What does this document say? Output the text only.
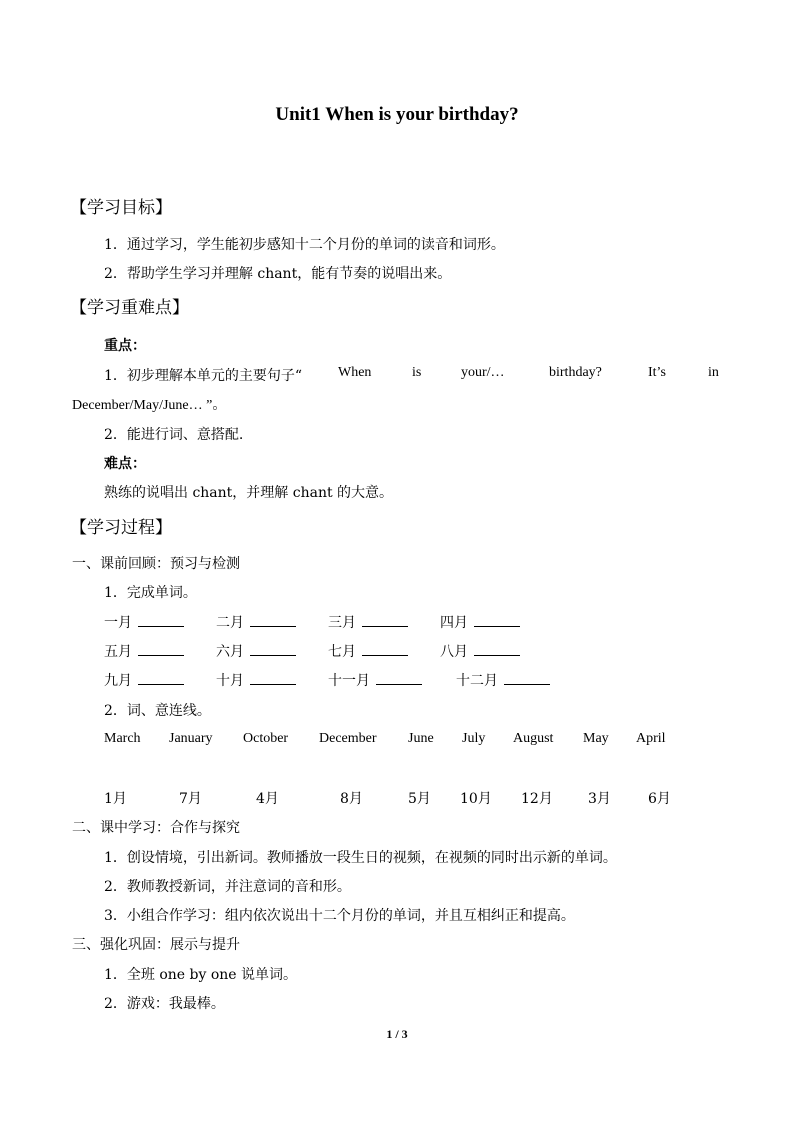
Unit1 When is your birthday?
【学习目标】
1．通过学习，学生能初步感知十二个月份的单词的读音和词形。
2．帮助学生学习并理解 chant，能有节奏的说唱出来。
【学习重难点】
重点：
1．初步理解本单元的主要句子“	When	is	your/…	birthday?	It’s	in
December/May/June… ”。
2．能进行词、意搭配.
难点：
熟练的说唱出 chant，并理解 chant 的大意。
【学习过程】
一、课前回顾：预习与检测
1．完成单词。
一月	二月	三月	四月
五月	六月	七月	八月
九月	十月	十一月	十二月
2．词、意连线。
March January October December June July August May April
1月	7月	4月	8月	5月 10月 12月	3月	6月
二、课中学习：合作与探究
1．创设情境，引出新词。教师播放一段生日的视频，在视频的同时出示新的单词。
2．教师教授新词，并注意词的音和形。
3．小组合作学习：组内依次说出十二个月份的单词，并且互相纠正和提高。
三、强化巩固：展示与提升
1．全班 one by one 说单词。
2．游戏：我最棒。
1 / 3
